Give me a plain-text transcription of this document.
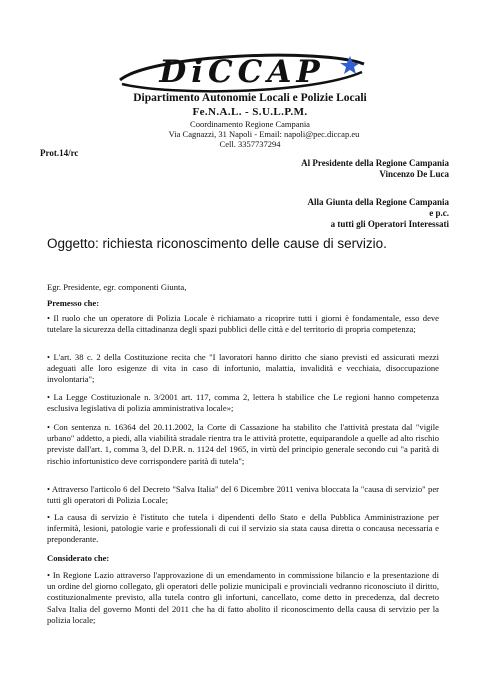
DiCCAP
Dipartimento Autonomie Locali e Polizie Locali
Fe.N.A.L. - S.U.L.P.M.
Coordinamento Regione Campania
Via Cagnazzi, 31 Napoli - Email: napoli@pec.diccap.eu
Cell. 3357737294
Prot.14/rc
Al Presidente della Regione Campania
Vincenzo De Luca
Alla Giunta della Regione Campania
e p.c.
a tutti gli Operatori Interessati
Oggetto: richiesta riconoscimento delle cause di servizio.
Egr. Presidente, egr. componenti Giunta,
Premesso che:
• Il ruolo che un operatore di Polizia Locale è richiamato a ricoprire tutti i giorni è fondamentale, esso deve tutelare la sicurezza della cittadinanza degli spazi pubblici delle città e del territorio di propria competenza;
• L'art. 38 c. 2 della Costituzione recita che "I lavoratori hanno diritto che siano previsti ed assicurati mezzi adeguati alle loro esigenze di vita in caso di infortunio, malattia, invalidità e vecchiaia, disoccupazione involontaria";
• La Legge Costituzionale n. 3/2001 art. 117, comma 2, lettera h stabilice che Le regioni hanno competenza esclusiva legislativa di polizia amministrativa locale»;
• Con sentenza n. 16364 del 20.11.2002, la Corte di Cassazione ha stabilito che l'attività prestata dal "vigile urbano" addetto, a piedi, alla viabilità stradale rientra tra le attività protette, equiparandole a quelle ad alto rischio previste dall'art. 1, comma 3, del D.P.R. n. 1124 del 1965, in virtù del principio generale secondo cui "a parità di rischio infortunistico deve corrispondere parità di tutela";
• Attraverso l'articolo 6 del Decreto "Salva Italia" del 6 Dicembre 2011 veniva bloccata la "causa di servizio" per tutti gli operatori di Polizia Locale;
• La causa di servizio è l'istituto che tutela i dipendenti dello Stato e della Pubblica Amministrazione per infermità, lesioni, patologie varie e professionali di cui il servizio sia stata causa diretta o concausa necessaria e preponderante.
Considerato che:
• In Regione Lazio attraverso l'approvazione di un emendamento in commissione bilancio e la presentazione di un ordine del giorno collegato, gli operatori delle polizie municipali e provinciali vedranno riconosciuto il diritto, costituzionalmente previsto, alla tutela contro gli infortuni, cancellato, come detto in precedenza, dal decreto Salva Italia del governo Monti del 2011 che ha di fatto abolito il riconoscimento della causa di servizio per la polizia locale;
